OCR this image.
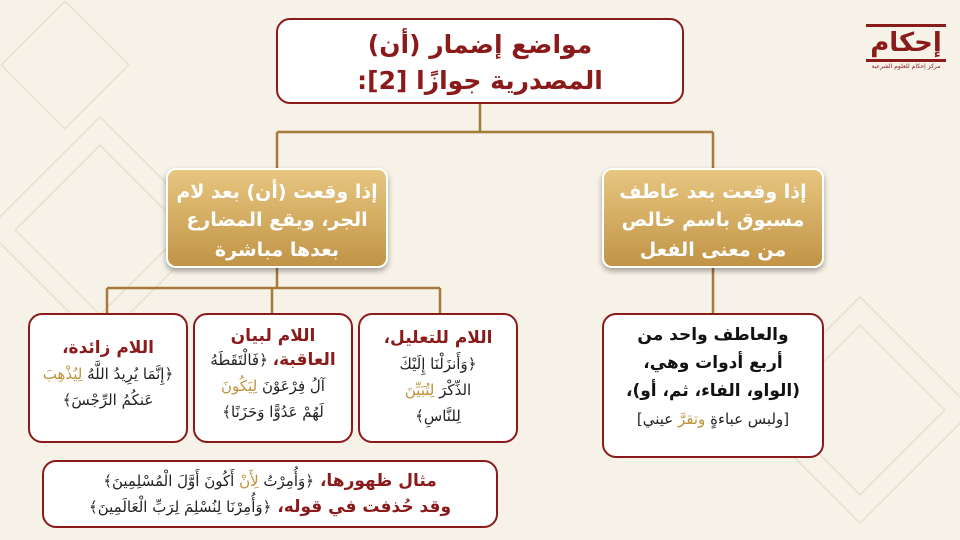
إحكام
مركز إحكام للعلوم الشرعية
مواضع إضمار (أن)
المصدرية جوازًا [2]:
إذا وقعت (أن) بعد لام
الجر، ويقع المضارع
بعدها مباشرة
إذا وقعت بعد عاطف
مسبوق باسم خالص
من معنى الفعل
اللام للتعليل،
﴿وَأَنزَلْنَا إِلَيْكَ
الذِّكْرَ لِتُبَيِّنَ
لِلنَّاسِ﴾
اللام لبيان
العاقبة، ﴿فَالْتَقَطَهُ
آلُ فِرْعَوْنَ لِيَكُونَ
لَهُمْ عَدُوًّا وَحَزَنًا﴾
اللام زائدة،
﴿إِنَّمَا يُرِيدُ اللَّهُ لِيُذْهِبَ
عَنكُمُ الرِّجْسَ﴾
والعاطف واحد من
أربع أدوات وهي،
(الواو، الفاء، ثم، أو)،
[ولبس عباءةٍ وتقرَّ عيني]
مثال ظهورها، ﴿وَأُمِرْتُ لِأَنْ أَكُونَ أَوَّلَ الْمُسْلِمِينَ﴾
وقد حُذفت في قوله، ﴿وَأُمِرْنَا لِنُسْلِمَ لِرَبِّ الْعَالَمِينَ﴾
